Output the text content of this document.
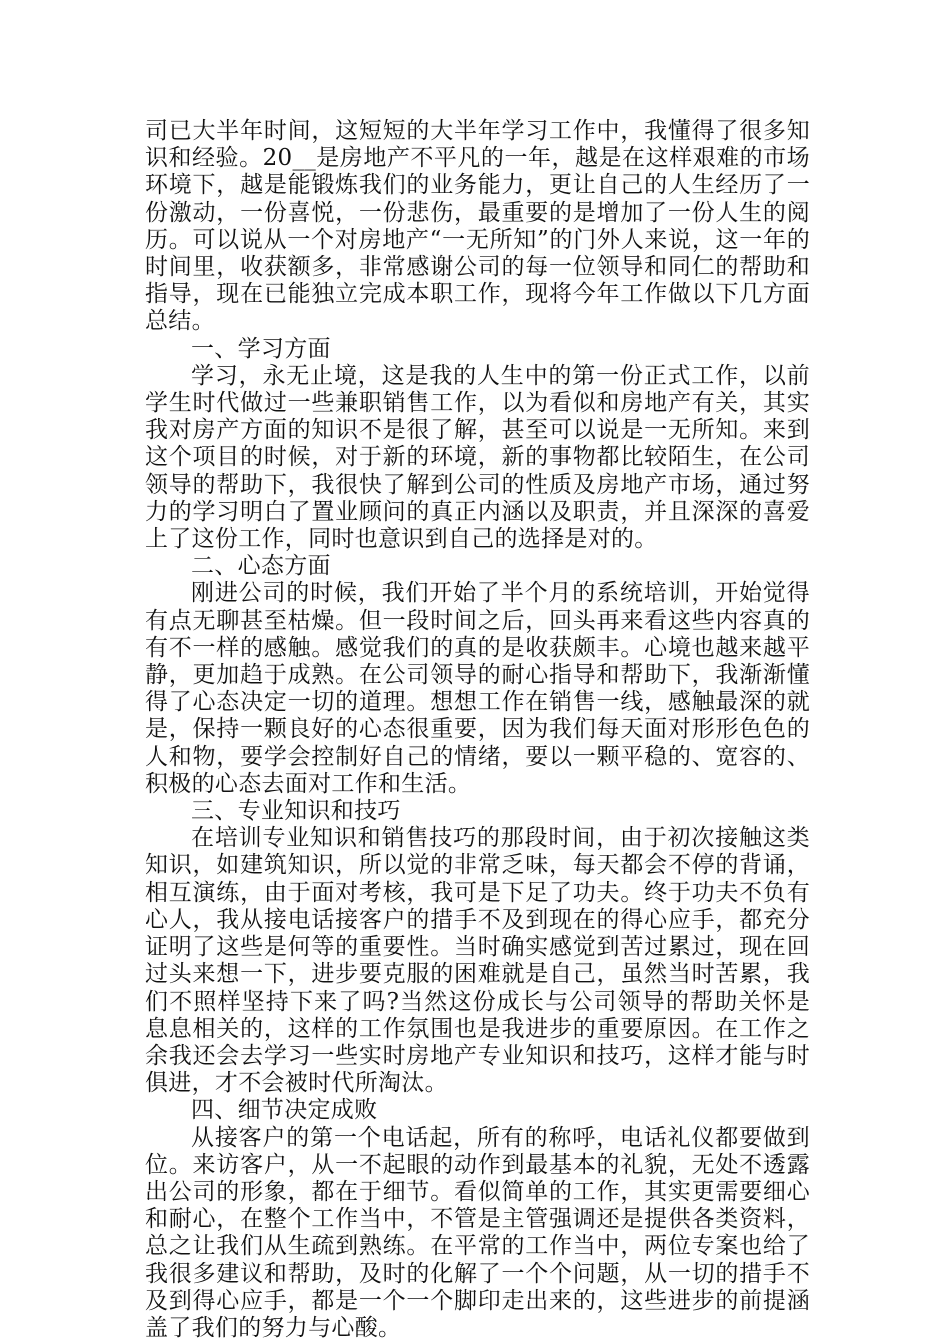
司已大半年时间，这短短的大半年学习工作中，我懂得了很多知识和经验。20__是房地产不平凡的一年，越是在这样艰难的市场环境下，越是能锻炼我们的业务能力，更让自己的人生经历了一份激动，一份喜悦，一份悲伤，最重要的是增加了一份人生的阅历。可以说从一个对房地产“一无所知”的门外人来说，这一年的时间里，收获额多，非常感谢公司的每一位领导和同仁的帮助和指导，现在已能独立完成本职工作，现将今年工作做以下几方面总结。

一、学习方面

学习，永无止境，这是我的人生中的第一份正式工作，以前学生时代做过一些兼职销售工作，以为看似和房地产有关，其实我对房产方面的知识不是很了解，甚至可以说是一无所知。来到这个项目的时候，对于新的环境，新的事物都比较陌生，在公司领导的帮助下，我很快了解到公司的性质及房地产市场，通过努力的学习明白了置业顾问的真正内涵以及职责，并且深深的喜爱上了这份工作，同时也意识到自己的选择是对的。

二、心态方面

刚进公司的时候，我们开始了半个月的系统培训，开始觉得有点无聊甚至枯燥。但一段时间之后，回头再来看这些内容真的有不一样的感触。感觉我们的真的是收获颇丰。心境也越来越平静，更加趋于成熟。在公司领导的耐心指导和帮助下，我渐渐懂得了心态决定一切的道理。想想工作在销售一线，感触最深的就是，保持一颗良好的心态很重要，因为我们每天面对形形色色的人和物，要学会控制好自己的情绪，要以一颗平稳的、宽容的、积极的心态去面对工作和生活。

三、专业知识和技巧

在培训专业知识和销售技巧的那段时间，由于初次接触这类知识，如建筑知识，所以觉的非常乏味，每天都会不停的背诵，相互演练，由于面对考核，我可是下足了功夫。终于功夫不负有心人，我从接电话接客户的措手不及到现在的得心应手，都充分证明了这些是何等的重要性。当时确实感觉到苦过累过，现在回过头来想一下，进步要克服的困难就是自己，虽然当时苦累，我们不照样坚持下来了吗?当然这份成长与公司领导的帮助关怀是息息相关的，这样的工作氛围也是我进步的重要原因。在工作之余我还会去学习一些实时房地产专业知识和技巧，这样才能与时俱进，才不会被时代所淘汰。

四、细节决定成败

从接客户的第一个电话起，所有的称呼，电话礼仪都要做到位。来访客户，从一不起眼的动作到最基本的礼貌，无处不透露出公司的形象，都在于细节。看似简单的工作，其实更需要细心和耐心，在整个工作当中，不管是主管强调还是提供各类资料，总之让我们从生疏到熟练。在平常的工作当中，两位专案也给了我很多建议和帮助，及时的化解了一个个问题，从一切的措手不及到得心应手，都是一个一个脚印走出来的，这些进步的前提涵盖了我们的努力与心酸。
